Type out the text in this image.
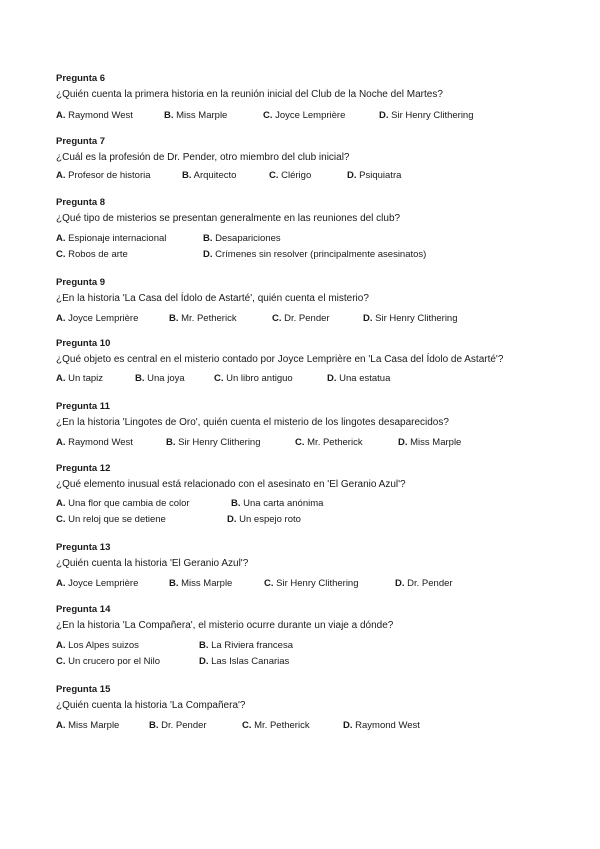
Pregunta 6
¿Quién cuenta la primera historia en la reunión inicial del Club de la Noche del Martes?
A. Raymond West	B. Miss Marple	C. Joyce Lemprière	D. Sir Henry Clithering
Pregunta 7
¿Cuál es la profesión de Dr. Pender, otro miembro del club inicial?
A. Profesor de historia	B. Arquitecto	C. Clérigo	D. Psiquiatra
Pregunta 8
¿Qué tipo de misterios se presentan generalmente en las reuniones del club?
A. Espionaje internacional	B. Desapariciones
C. Robos de arte	D. Crímenes sin resolver (principalmente asesinatos)
Pregunta 9
¿En la historia 'La Casa del Ídolo de Astarté', quién cuenta el misterio?
A. Joyce Lemprière	B. Mr. Petherick	C. Dr. Pender	D. Sir Henry Clithering
Pregunta 10
¿Qué objeto es central en el misterio contado por Joyce Lemprière en 'La Casa del Ídolo de Astarté'?
A. Un tapiz	B. Una joya	C. Un libro antiguo	D. Una estatua
Pregunta 11
¿En la historia 'Lingotes de Oro', quién cuenta el misterio de los lingotes desaparecidos?
A. Raymond West	B. Sir Henry Clithering	C. Mr. Petherick	D. Miss Marple
Pregunta 12
¿Qué elemento inusual está relacionado con el asesinato en 'El Geranio Azul'?
A. Una flor que cambia de color	B. Una carta anónima
C. Un reloj que se detiene	D. Un espejo roto
Pregunta 13
¿Quién cuenta la historia 'El Geranio Azul'?
A. Joyce Lemprière	B. Miss Marple	C. Sir Henry Clithering	D. Dr. Pender
Pregunta 14
¿En la historia 'La Compañera', el misterio ocurre durante un viaje a dónde?
A. Los Alpes suizos	B. La Riviera francesa
C. Un crucero por el Nilo	D. Las Islas Canarias
Pregunta 15
¿Quién cuenta la historia 'La Compañera'?
A. Miss Marple	B. Dr. Pender	C. Mr. Petherick	D. Raymond West
